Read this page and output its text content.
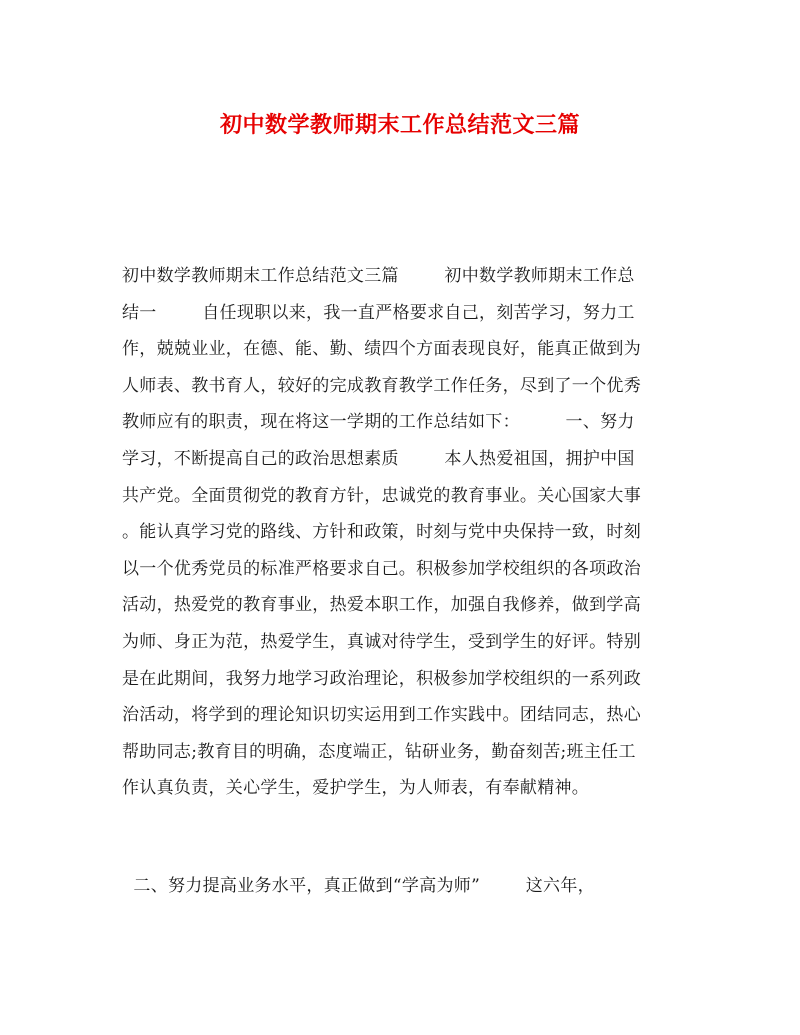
初中数学教师期末工作总结范文三篇
初中数学教师期末工作总结范文三篇        初中数学教师期末工作总
结一        自任现职以来，我一直严格要求自己，刻苦学习，努力工
作，兢兢业业，在德、能、勤、绩四个方面表现良好，能真正做到为
人师表、教书育人，较好的完成教育教学工作任务，尽到了一个优秀
教师应有的职责，现在将这一学期的工作总结如下：        一、努力
学习，不断提高自己的政治思想素质        本人热爱祖国，拥护中国
共产党。全面贯彻党的教育方针，忠诚党的教育事业。关心国家大事
。能认真学习党的路线、方针和政策，时刻与党中央保持一致，时刻
以一个优秀党员的标准严格要求自己。积极参加学校组织的各项政治
活动，热爱党的教育事业，热爱本职工作，加强自我修养，做到学高
为师、身正为范，热爱学生，真诚对待学生，受到学生的好评。特别
是在此期间，我努力地学习政治理论，积极参加学校组织的一系列政
治活动，将学到的理论知识切实运用到工作实践中。团结同志，热心
帮助同志;教育目的明确，态度端正，钻研业务，勤奋刻苦;班主任工
作认真负责，关心学生，爱护学生，为人师表，有奉献精神。
二、努力提高业务水平，真正做到“学高为师”        这六年，
